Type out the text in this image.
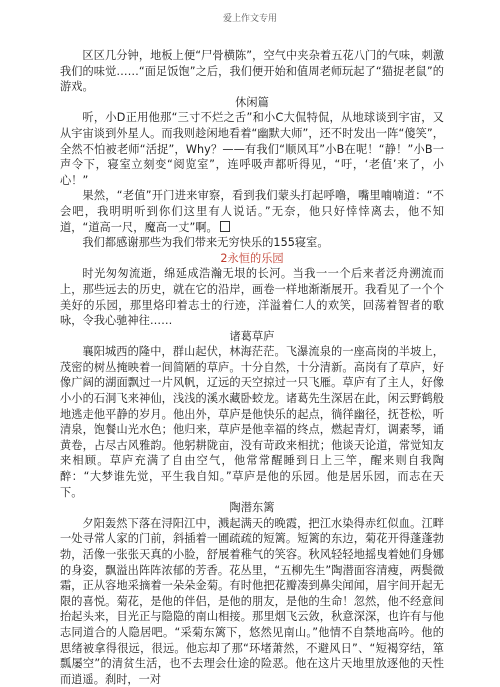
爱上作文专用

区区几分钟，地板上便“尸骨横陈”，空气中夹杂着五花八门的气味，刺激我们的味觉……“面足饭饱”之后，我们便开始和值周老师玩起了“猫捉老鼠”的游戏。

休闲篇

听，小D正用他那“三寸不烂之舌”和小C大侃特侃，从地球谈到宇宙，又从宇宙谈到外星人。而我则趁闲地看着“幽默大师”，还不时发出一阵“傻笑”，全然不怕被老师“活捉”，Why？——有我们“顺风耳”小B在呢！“静！”小B一声令下，寝室立刻变“阅览室”，连呼吸声都听得见，“吁，‘老值’来了，小心！”

果然，“老值”开门进来审察，看到我们蒙头打起呼噜，嘴里喃喃道：“不会吧，我明明听到你们这里有人说话。”无奈，他只好悻悻离去，他不知道，“道高一尺，魔高一丈”啊。

我们都感谢那些为我们带来无穷快乐的155寝室。

2永恒的乐园

时光匆匆流逝，绵延成浩瀚无垠的长河。当我一一个后来者泛舟溯流而上，那些远去的历史，就在它的沿岸，画卷一样地渐渐展开。我看见了一个个美好的乐园，那里烙印着志士的行迹，洋溢着仁人的欢笑，回荡着智者的歌咏，令我心驰神往……

诸葛草庐

襄阳城西的隆中，群山起伏，林海茫茫。飞瀑流泉的一座高岗的半坡上，茂密的树丛掩映着一间简陋的草庐。十分自然，十分清新。高岗有了草庐，好像广阔的湖面飘过一片风帆，辽远的天空掠过一只飞雁。草庐有了主人，好像小小的石洞飞来神仙，浅浅的溪水藏卧蛟龙。诸葛先生深居在此，闲云野鹤般地逃走他平静的岁月。他出外，草庐是他快乐的起点，徜徉幽径，抚苍松，听清泉，饱餐山光水色；他归来，草庐是他幸福的终点，燃起青灯，调素琴，诵黄卷，占尽古风雅韵。他躬耕陇亩，没有苛政来相扰；他谈天论道，常觉知友来相顾。草庐充满了自由空气，他常常醒睡到日上三竿，醒来则自我陶醉：“大梦谁先觉，平生我自知。”草庐是他的乐园。他是居乐园，而志在天下。

陶潜东篱

夕阳轰然下落在浔阳江中，溅起满天的晚霞，把江水染得赤红似血。江畔一处寻常人家的门前，斜插着一圃疏疏的短篱。短篱的东边，菊花开得蓬蓬勃勃，活像一张张天真的小脸，舒展着稚气的笑容。秋风轻轻地摇曳着她们身娜的身姿，飘溢出阵阵浓郁的芳香。花丛里，“五柳先生”陶潜面容清瘦，两鬓微霜，正从容地采摘着一朵朵金菊。有时他把花瓣凑到鼻尖闻闻，眉宇间开起无限的喜悦。菊花，是他的伴侣，是他的朋友，是他的生命！忽然，他不经意间抬起头来，目光正与隐隐的南山相接。那里烟飞云敛，秋意深深，也许有与他志同道合的人隐居吧。“采菊东篱下，悠然见南山。”他情不自禁地高吟。他的思绪被拿得很远，很远。他忘却了那“环堵萧然，不避风日”、“短褐穿结，箪瓢屡空”的清贫生活，也不去理会仕途的险恶。他在这片天地里放逐他的天性而逍遥。刹时，一对
